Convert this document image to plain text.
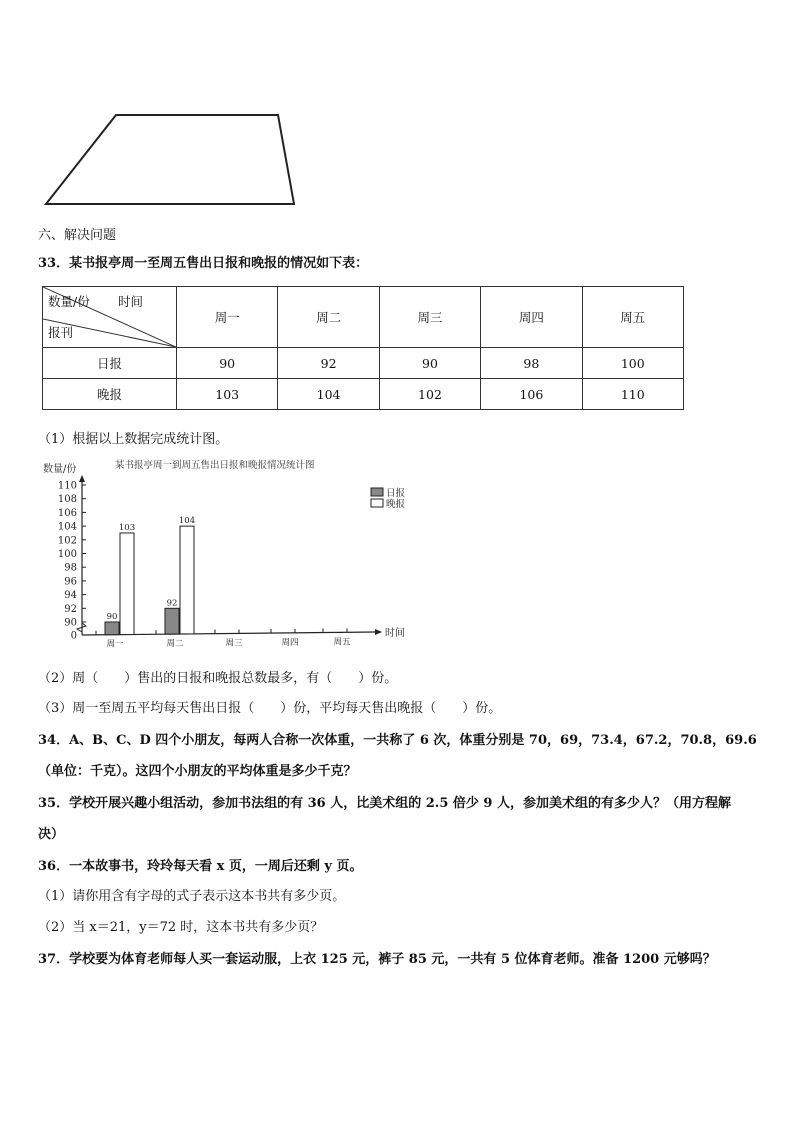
六、解决问题
33．某书报亭周一至周五售出日报和晚报的情况如下表：
数量/份 时间
报刊	周一	周二	周三	周四	周五
日报	90	92	90	98	100
晚报	103	104	102	106	110
（1）根据以上数据完成统计图。
某书报亭周一到周五售出日报和晚报情况统计图
数量/份
时间
110
108
106
104
102
100
98
96
94
92
90
0
周一	周二	周三	周四	周五
90
92
103
104
日报
晚报
（2）周（　　）售出的日报和晚报总数最多，有（　　）份。
（3）周一至周五平均每天售出日报（　　）份，平均每天售出晚报（　　）份。
34．A、B、C、D 四个小朋友，每两人合称一次体重，一共称了 6 次，体重分别是 70，69，73.4，67.2，70.8，69.6
（单位：千克）。这四个小朋友的平均体重是多少千克？
35．学校开展兴趣小组活动，参加书法组的有 36 人，比美术组的 2.5 倍少 9 人，参加美术组的有多少人？（用方程解
决）
36．一本故事书，玲玲每天看 x 页，一周后还剩 y 页。
（1）请你用含有字母的式子表示这本书共有多少页。
（2）当 x＝21，y＝72 时，这本书共有多少页？
37．学校要为体育老师每人买一套运动服，上衣 125 元，裤子 85 元，一共有 5 位体育老师。准备 1200 元够吗？
